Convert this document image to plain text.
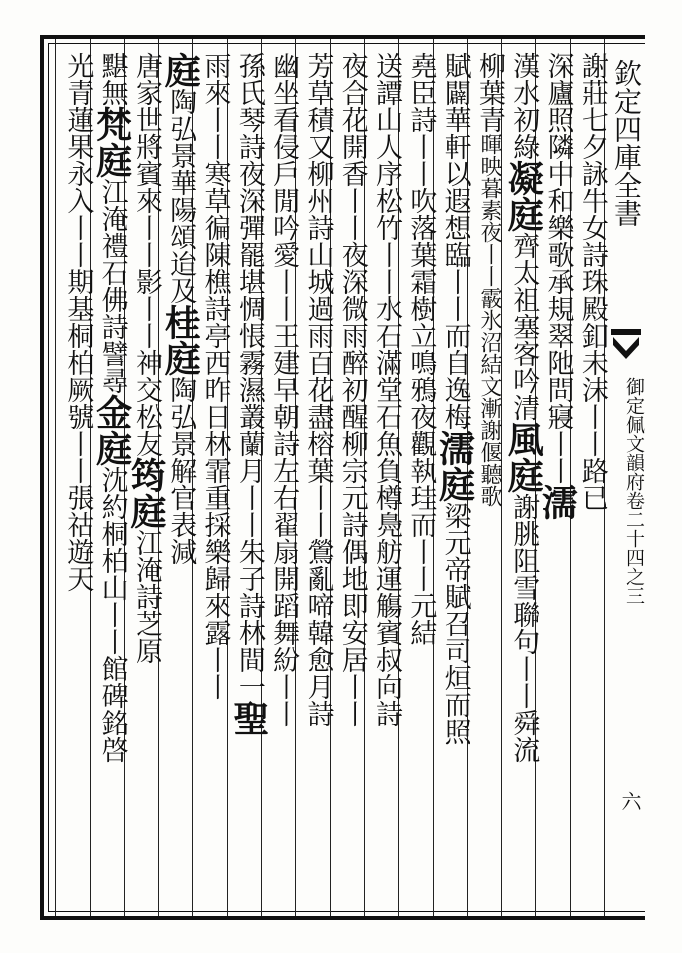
欽定四庫全書
御定佩文韻府卷二十四之三
六
謝莊七夕詠牛女詩珠殿釦未沫丨丨路已
深廬照隣中和樂歌承規翠阤問寢丨丨濡
漢水初綠凝庭齊太祖塞客吟清風庭謝朓阻雪聯句丨丨舜流
柳葉青暉映暮素夜丨丨霰氷沼結文漸謝偃聽歌
賦闢華軒以遐想臨丨丨而自逸梅濡庭梁元帝賦召司烜而照
堯臣詩丨丨吹落葉霜樹立鳴鴉夜觀執珪而丨丨元結
送譚山人序松竹丨丨水石滿堂石魚負樽鳧舫運觴賓叔向詩
夜合花開香丨丨夜深微雨醉初醒柳宗元詩偶地即安居丨丨
芳草積又柳州詩山城過雨百花盡榕葉丨丨鶯亂啼韓愈月詩
幽坐看侵戶閒吟愛丨丨王建早朝詩左右翟扇開蹈舞紛丨丨
孫氏琴詩夜深彈罷堪惆悵霧濕叢蘭月丨丨朱子詩林間一聖
雨來丨丨寒草徧陳樵詩亭西昨日林霏重採樂歸來露丨丨
庭陶弘景華陽頌迨及桂庭陶弘景解官表減
唐家世將賓來丨丨影丨丨神交松友筠庭江淹詩芝原
黮無梵庭江淹禮石佛詩譬尋金庭沈約桐柏山丨丨館碑銘啓
光青蓮果永入丨丨期基桐柏厥號丨丨張祜遊天
